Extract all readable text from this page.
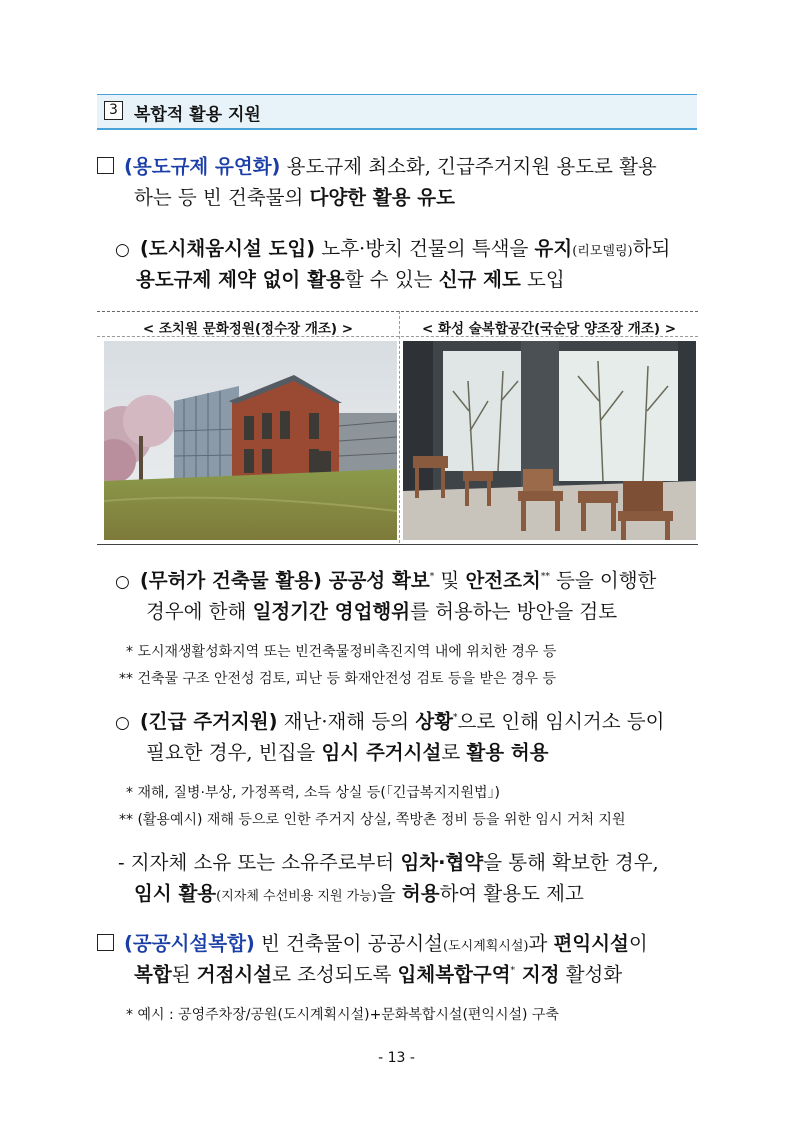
3 복합적 활용 지원
(용도규제 유연화) 용도규제 최소화, 긴급주거지원 용도로 활용
하는 등 빈 건축물의 다양한 활용 유도
○ (도시채움시설 도입) 노후·방치 건물의 특색을 유지(리모델링)하되
용도규제 제약 없이 활용할 수 있는 신규 제도 도입
< 조치원 문화정원(정수장 개조) >	< 화성 술복합공간(국순당 양조장 개조) >
○ (무허가 건축물 활용) 공공성 확보* 및 안전조치** 등을 이행한
경우에 한해 일정기간 영업행위를 허용하는 방안을 검토
* 도시재생활성화지역 또는 빈건축물정비촉진지역 내에 위치한 경우 등
** 건축물 구조 안전성 검토, 피난 등 화재안전성 검토 등을 받은 경우 등
○ (긴급 주거지원) 재난·재해 등의 상황*으로 인해 임시거소 등이
필요한 경우, 빈집을 임시 주거시설로 활용 허용
* 재해, 질병·부상, 가정폭력, 소득 상실 등(「긴급복지지원법」)
** (활용예시) 재해 등으로 인한 주거지 상실, 쪽방촌 정비 등을 위한 임시 거처 지원
- 지자체 소유 또는 소유주로부터 임차·협약을 통해 확보한 경우,
임시 활용(지자체 수선비용 지원 가능)을 허용하여 활용도 제고
(공공시설복합) 빈 건축물이 공공시설(도시계획시설)과 편익시설이
복합된 거점시설로 조성되도록 입체복합구역* 지정 활성화
* 예시 : 공영주차장/공원(도시계획시설)+문화복합시설(편익시설) 구축
- 13 -
